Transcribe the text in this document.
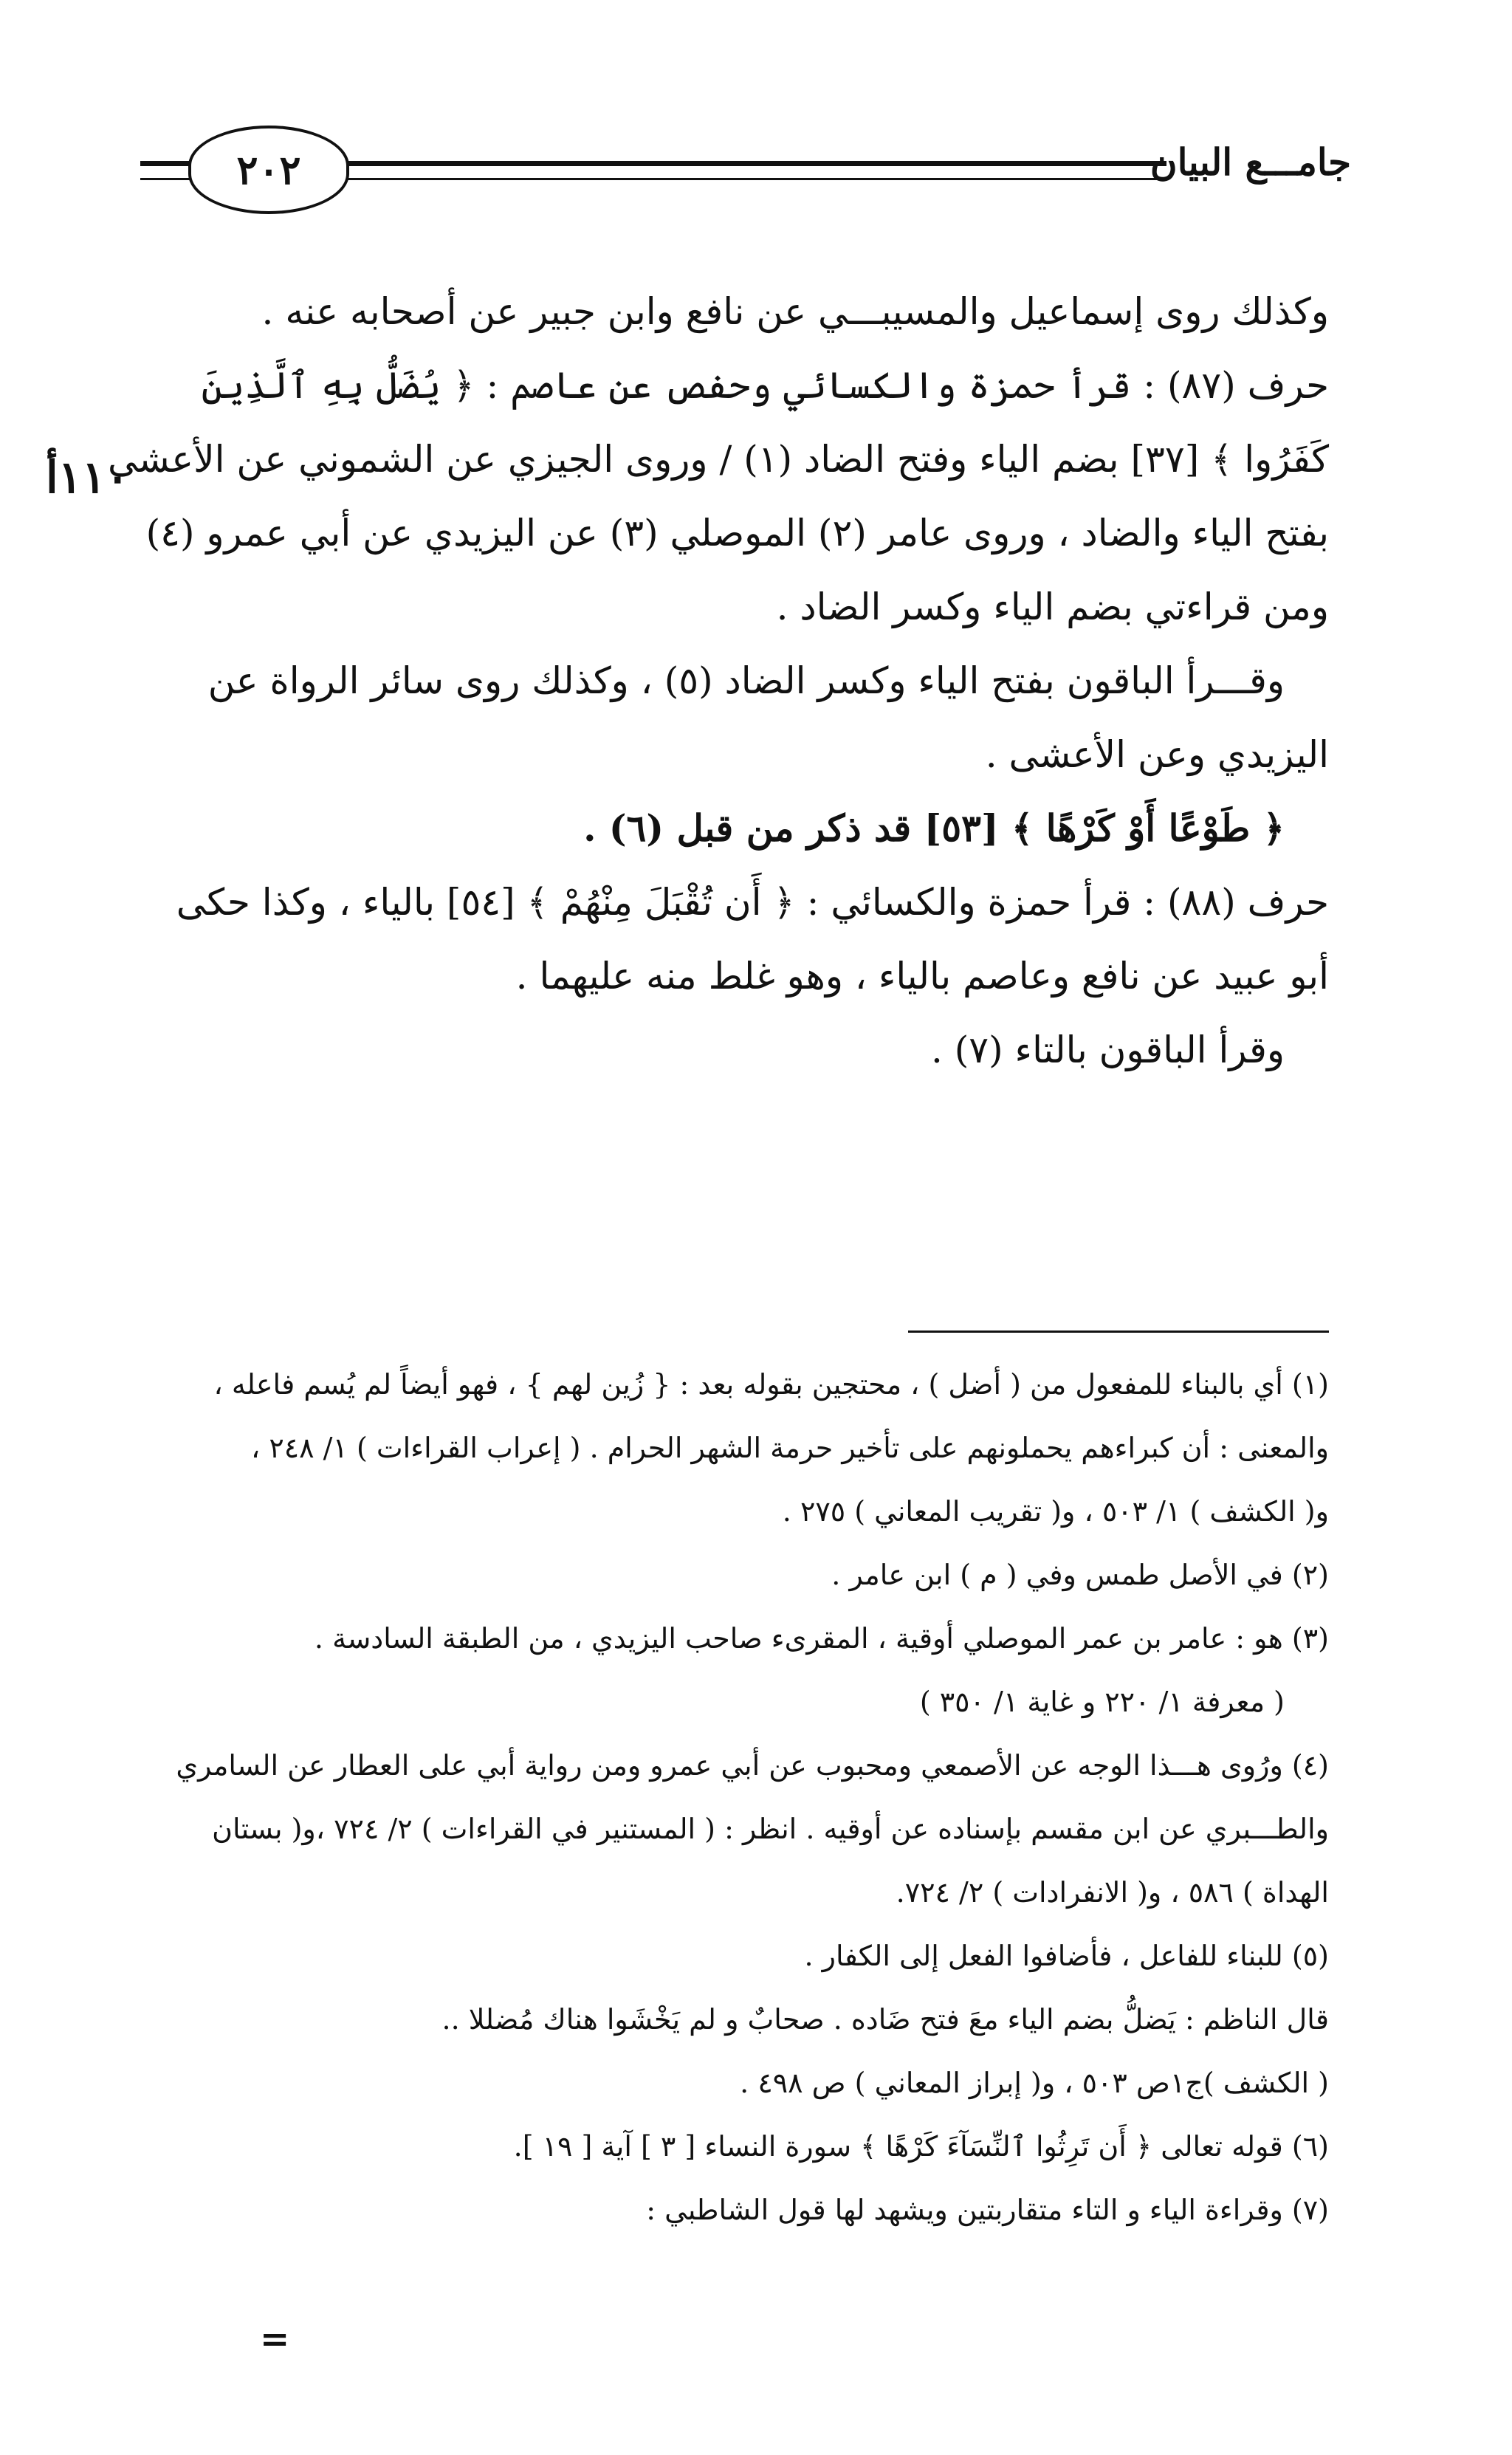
٢٠٢	جامـــع البيان
١١٠أ
وكذلك روى إسماعيل والمسيبـــي عن نافع وابن جبير عن أصحابه عنه .
حرف (٨٧) : قرأ حمزة والكسائي وحفص عن عاصم : ﴿ يُضَلُّ بِهِ ٱلَّذِينَ
كَفَرُوا ﴾ [٣٧] بضم الياء وفتح الضاد (١) / وروى الجيزي عن الشموني عن الأعشى
بفتح الياء والضاد ، وروى عامر (٢) الموصلي (٣) عن اليزيدي عن أبي عمرو (٤)
ومن قراءتي بضم الياء وكسر الضاد .
وقـــرأ الباقون بفتح الياء وكسر الضاد (٥) ، وكذلك روى سائر الرواة عن
اليزيدي وعن الأعشى .
﴿ طَوْعًا أَوْ كَرْهًا ﴾ [٥٣] قد ذكر من قبل (٦) .
حرف (٨٨) : قرأ حمزة والكسائي : ﴿ أَن تُقْبَلَ مِنْهُمْ ﴾ [٥٤] بالياء ، وكذا حكى
أبو عبيد عن نافع وعاصم بالياء ، وهو غلط منه عليهما .
وقرأ الباقون بالتاء (٧) .
(١) أي بالبناء للمفعول من ( أضل ) ، محتجين بقوله بعد : { زُين لهم } ، فهو أيضاً لم يُسم فاعله ،
والمعنى : أن كبراءهم يحملونهم على تأخير حرمة الشهر الحرام . ( إعراب القراءات ) ١/ ٢٤٨ ،
و( الكشف ) ١/ ٥٠٣ ، و( تقريب المعاني ) ٢٧٥ .
(٢) في الأصل طمس وفي ( م ) ابن عامر .
(٣) هو : عامر بن عمر الموصلي أوقية ، المقرىء صاحب اليزيدي ، من الطبقة السادسة .
( معرفة ١/ ٢٢٠ و غاية ١/ ٣٥٠ )
(٤) ورُوى هـــذا الوجه عن الأصمعي ومحبوب عن أبي عمرو ومن رواية أبي على العطار عن السامري
والطـــبري عن ابن مقسم بإسناده عن أوقيه . انظر : ( المستنير في القراءات ) ٢/ ٧٢٤ ،و( بستان
الهداة ) ٥٨٦ ، و( الانفرادات ) ٢/ ٧٢٤.
(٥) للبناء للفاعل ، فأضافوا الفعل إلى الكفار .
قال الناظم : يَضلُّ بضم الياء معَ فتح ضَاده . صحابٌ و لم يَخْشَوا هناك مُضللا ..
( الكشف )ج١ص ٥٠٣ ، و( إبراز المعاني ) ص ٤٩٨ .
(٦) قوله تعالى ﴿ أَن تَرِثُوا ٱلنِّسَآءَ كَرْهًا ﴾ سورة النساء [ ٣ ] آية [ ١٩ ].
(٧) وقراءة الياء و التاء متقاربتين ويشهد لها قول الشاطبي :
=
